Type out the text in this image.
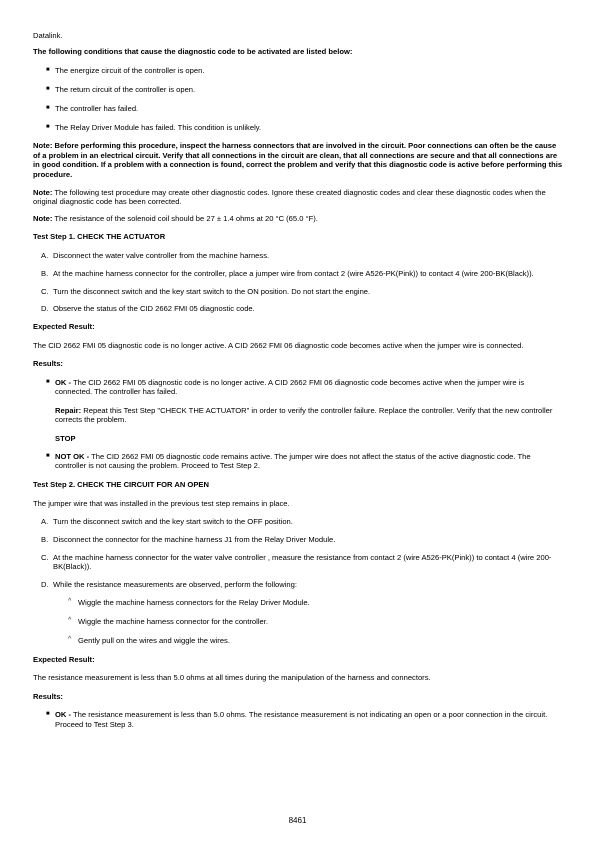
Datalink.

The following conditions that cause the diagnostic code to be activated are listed below:

■ The energize circuit of the controller is open.
■ The return circuit of the controller is open.
■ The controller has failed.
■ The Relay Driver Module has failed. This condition is unlikely.

Note: Before performing this procedure, inspect the harness connectors that are involved in the circuit. Poor connections can often be the cause of a problem in an electrical circuit. Verify that all connections in the circuit are clean, that all connections are secure and that all connections are in good condition. If a problem with a connection is found, correct the problem and verify that this diagnostic code is active before performing this procedure.

Note: The following test procedure may create other diagnostic codes. Ignore these created diagnostic codes and clear these diagnostic codes when the original diagnostic code has been corrected.

Note: The resistance of the solenoid coil should be 27 ± 1.4 ohms at 20 °C (65.0 °F).

Test Step 1. CHECK THE ACTUATOR

A. Disconnect the water valve controller from the machine harness.
B. At the machine harness connector for the controller, place a jumper wire from contact 2 (wire A526-PK(Pink)) to contact 4 (wire 200-BK(Black)).
C. Turn the disconnect switch and the key start switch to the ON position. Do not start the engine.
D. Observe the status of the CID 2662 FMI 05 diagnostic code.

Expected Result:

The CID 2662 FMI 05 diagnostic code is no longer active. A CID 2662 FMI 06 diagnostic code becomes active when the jumper wire is connected.

Results:

■ OK - The CID 2662 FMI 05 diagnostic code is no longer active. A CID 2662 FMI 06 diagnostic code becomes active when the jumper wire is connected. The controller has failed.

Repair: Repeat this Test Step "CHECK THE ACTUATOR" in order to verify the controller failure. Replace the controller. Verify that the new controller corrects the problem.

STOP

■ NOT OK - The CID 2662 FMI 05 diagnostic code remains active. The jumper wire does not affect the status of the active diagnostic code. The controller is not causing the problem. Proceed to Test Step 2.

Test Step 2. CHECK THE CIRCUIT FOR AN OPEN

The jumper wire that was installed in the previous test step remains in place.

A. Turn the disconnect switch and the key start switch to the OFF position.
B. Disconnect the connector for the machine harness J1 from the Relay Driver Module.
C. At the machine harness connector for the water valve controller , measure the resistance from contact 2 (wire A526-PK(Pink)) to contact 4 (wire 200-BK(Black)).
D. While the resistance measurements are observed, perform the following:
^ Wiggle the machine harness connectors for the Relay Driver Module.
^ Wiggle the machine harness connector for the controller.
^ Gently pull on the wires and wiggle the wires.

Expected Result:

The resistance measurement is less than 5.0 ohms at all times during the manipulation of the harness and connectors.

Results:

■ OK - The resistance measurement is less than 5.0 ohms. The resistance measurement is not indicating an open or a poor connection in the circuit. Proceed to Test Step 3.
8461
